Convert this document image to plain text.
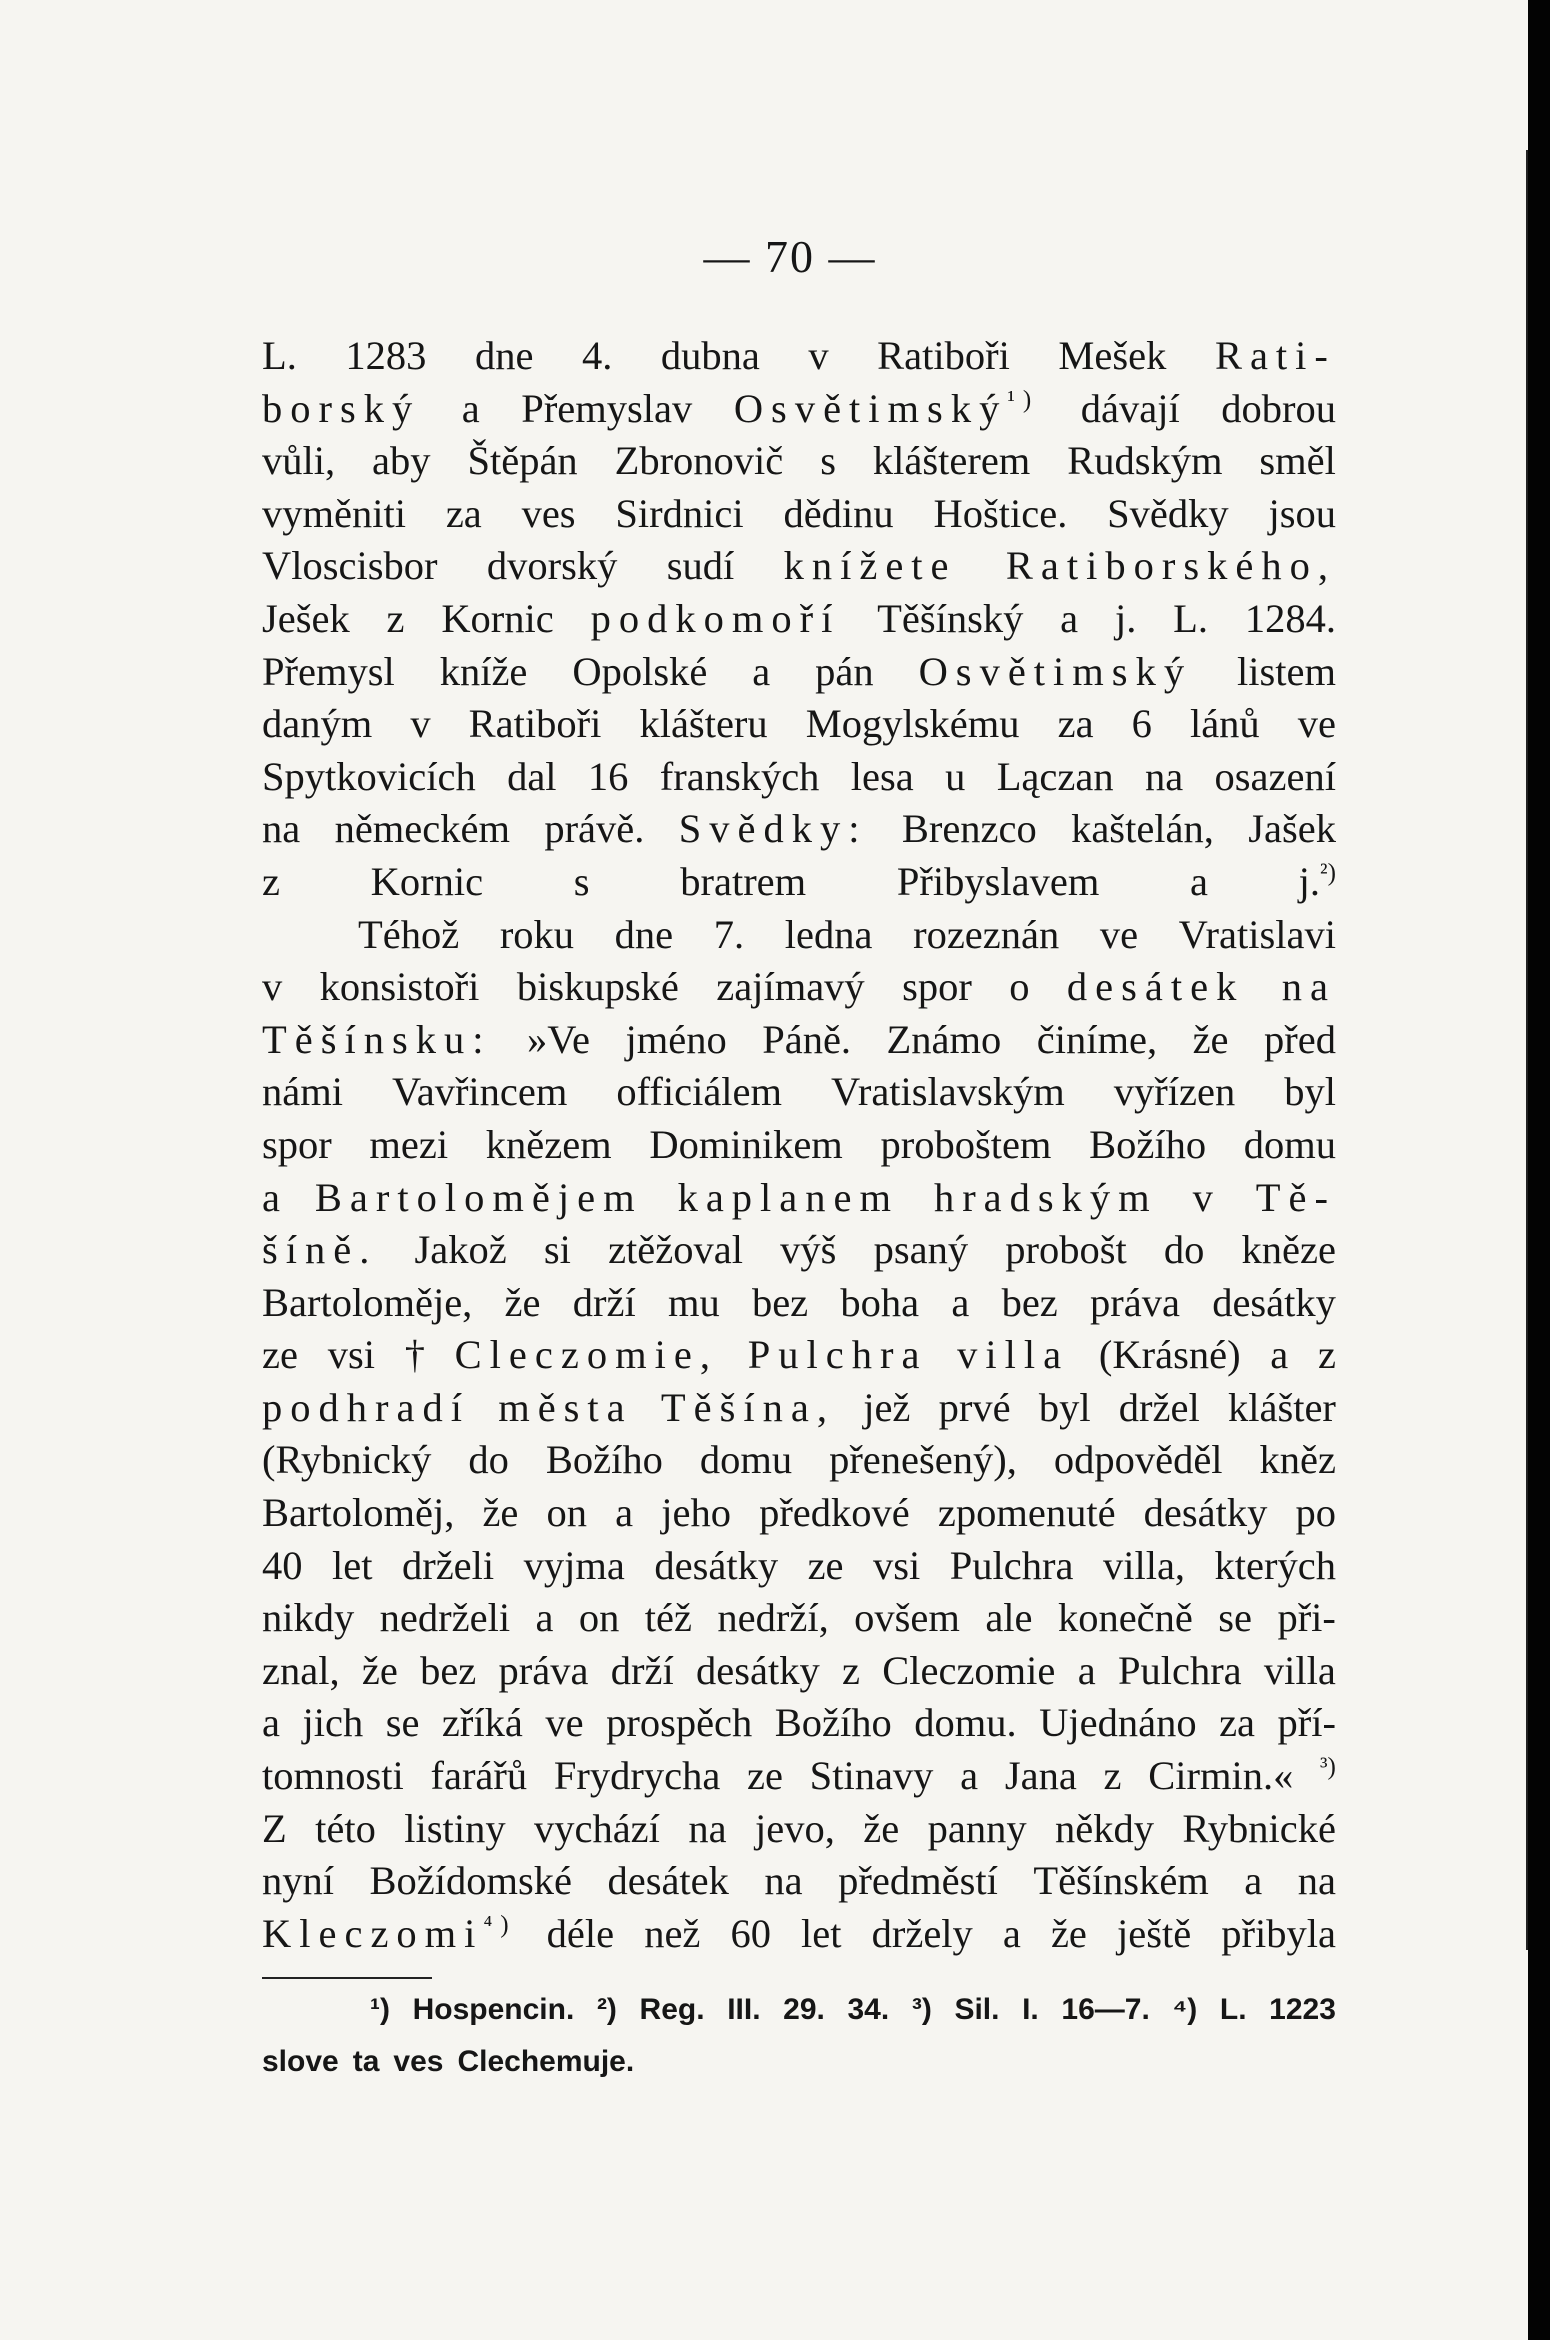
— 70 —
L. 1283 dne 4. dubna v Ratiboři Mešek Rati-
borský a Přemyslav Osvětimský$^{^1)}$ dávají dobrou
vůli, aby Štěpán Zbronovič s klášterem Rudským směl
vyměniti za ves Sirdnici dědinu Hoštice. Svědky jsou
Vloscisbor dvorský sudí knížete Ratiborského,
Ješek z Kornic podkomoří Těšínský a j. L. 1284.
Přemysl kníže Opolské a pán Osvětimský listem
daným v Ratiboři klášteru Mogylskému za 6 lánů ve
Spytkovicích dal 16 franských lesa u Lączan na osazení
na německém právě. Svědky: Brenzco kaštelán, Jašek
z Kornic s bratrem Přibyslavem a j.$^{^2)}$
Téhož roku dne 7. ledna rozeznán ve Vratislavi
v konsistoři biskupské zajímavý spor o desátek na
Těšínsku: »Ve jméno Páně. Známo činíme, že před
námi Vavřincem officiálem Vratislavským vyřízen byl
spor mezi knězem Dominikem proboštem Božího domu
a Bartolomějem kaplanem hradským v Tě-
šíně. Jakož si ztěžoval výš psaný probošt do kněze
Bartoloměje, že drží mu bez boha a bez práva desátky
ze vsi † Cleczomie, Pulchra villa (Krásné) a z
podhradí města Těšína, jež prvé byl držel klášter
(Rybnický do Božího domu přenešený), odpověděl kněz
Bartoloměj, že on a jeho předkové zpomenuté desátky po
40 let drželi vyjma desátky ze vsi Pulchra villa, kterých
nikdy nedrželi a on též nedrží, ovšem ale konečně se při-
znal, že bez práva drží desátky z Cleczomie a Pulchra villa
a jich se zříká ve prospěch Božího domu. Ujednáno za pří-
tomnosti farářů Frydrycha ze Stinavy a Jana z Cirmin.« $^{^3)}$
Z této listiny vychází na jevo, že panny někdy Rybnické
nyní Božídomské desátek na předměstí Těšínském a na
Kleczomi$^{^4)}$ déle než 60 let držely a že ještě přibyla
¹) Hospencin. ²) Reg. III. 29. 34. ³) Sil. I. 16—7. ⁴) L. 1223
slove ta ves Clechemuje.
